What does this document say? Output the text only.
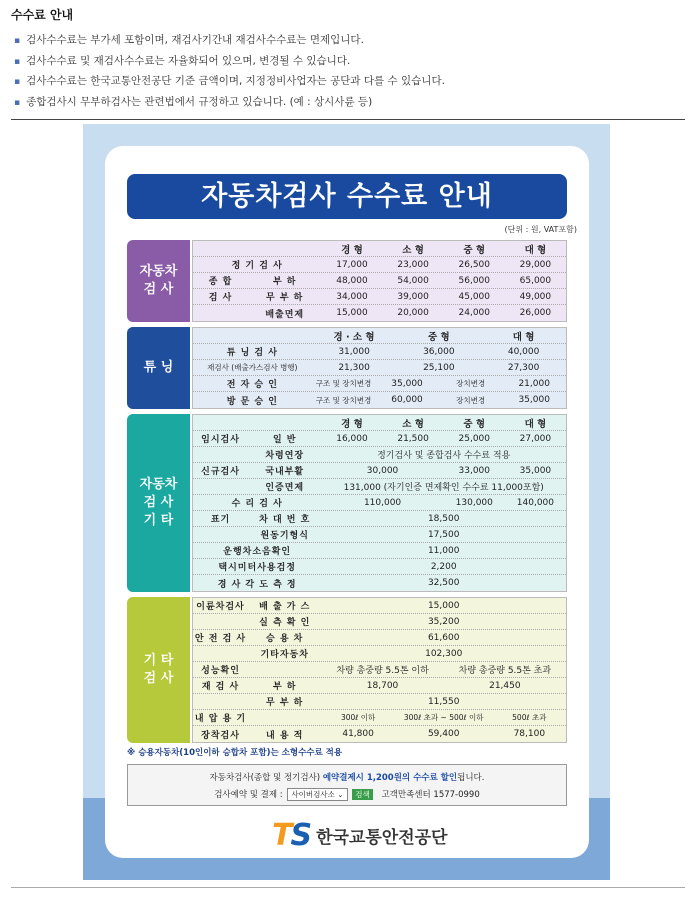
수수료 안내
▪ 검사수수료는 부가세 포함이며, 재검사기간내 재검사수수료는 면제입니다.
▪ 검사수수료 및 재검사수수료는 자율화되어 있으며, 변경될 수 있습니다.
▪ 검사수수료는 한국교통안전공단 기준 금액이며, 지정정비사업자는 공단과 다를 수 있습니다.
▪ 종합검사시 무부하검사는 관련법에서 규정하고 있습니다. (예 : 상시사륜 등)
자동차검사 수수료 안내
(단위 : 원, VAT포함)
자동차
검 사
경 형	소 형	중 형	대 형
정 기 검 사	17,000	23,000	26,500	29,000
종 합	부 하	48,000	54,000	56,000	65,000
검 사	무 부 하	34,000	39,000	45,000	49,000
배출면제	15,000	20,000	24,000	26,000
튜 닝
경 · 소 형	중 형	대 형
튜 닝 검 사	31,000	36,000	40,000
재검사 (배출가스검사 병행)	21,300	25,100	27,300
전 자 승 인	구조 및 장치변경	35,000	장치변경	21,000
방 문 승 인	구조 및 장치변경	60,000	장치변경	35,000
자동차
검 사
기 타
경 형	소 형	중 형	대 형
임시검사	일 반	16,000	21,500	25,000	27,000
차령연장	정기검사 및 종합검사 수수료 적용
신규검사	국내부활	30,000	33,000	35,000
인증면제	131,000 (자기인증 면제확인 수수료 11,000포함)
수 리 검 사	110,000	130,000	140,000
표기	차 대 번 호	18,500
원동기형식	17,500
운행차소음확인	11,000
택시미터사용검정	2,200
경 사 각 도 측 정	32,500
기 타
검 사
이륜차검사	배 출 가 스	15,000
실 측 확 인	35,200
안 전 검 사	승 용 차	61,600
기타자동차	102,300
성능확인	차량 총중량 5.5톤 이하	차량 총중량 5.5톤 초과
재 검 사	부 하	18,700	21,450
무 부 하	11,550
내 압 용 기	300ℓ 이하	300ℓ 초과 ~ 500ℓ 이하	500ℓ 초과
장착검사	내 용 적	41,800	59,400	78,100
※ 승용자동차(10인이하 승합차 포함)는 소형수수료 적용
자동차검사(종합 및 정기검사) 예약결제시 1,200원의 수수료 할인됩니다.
검사예약 및 결제 : 사이버검사소 ⌄ 검색 고객만족센터 1577-0990
TS 한국교통안전공단
